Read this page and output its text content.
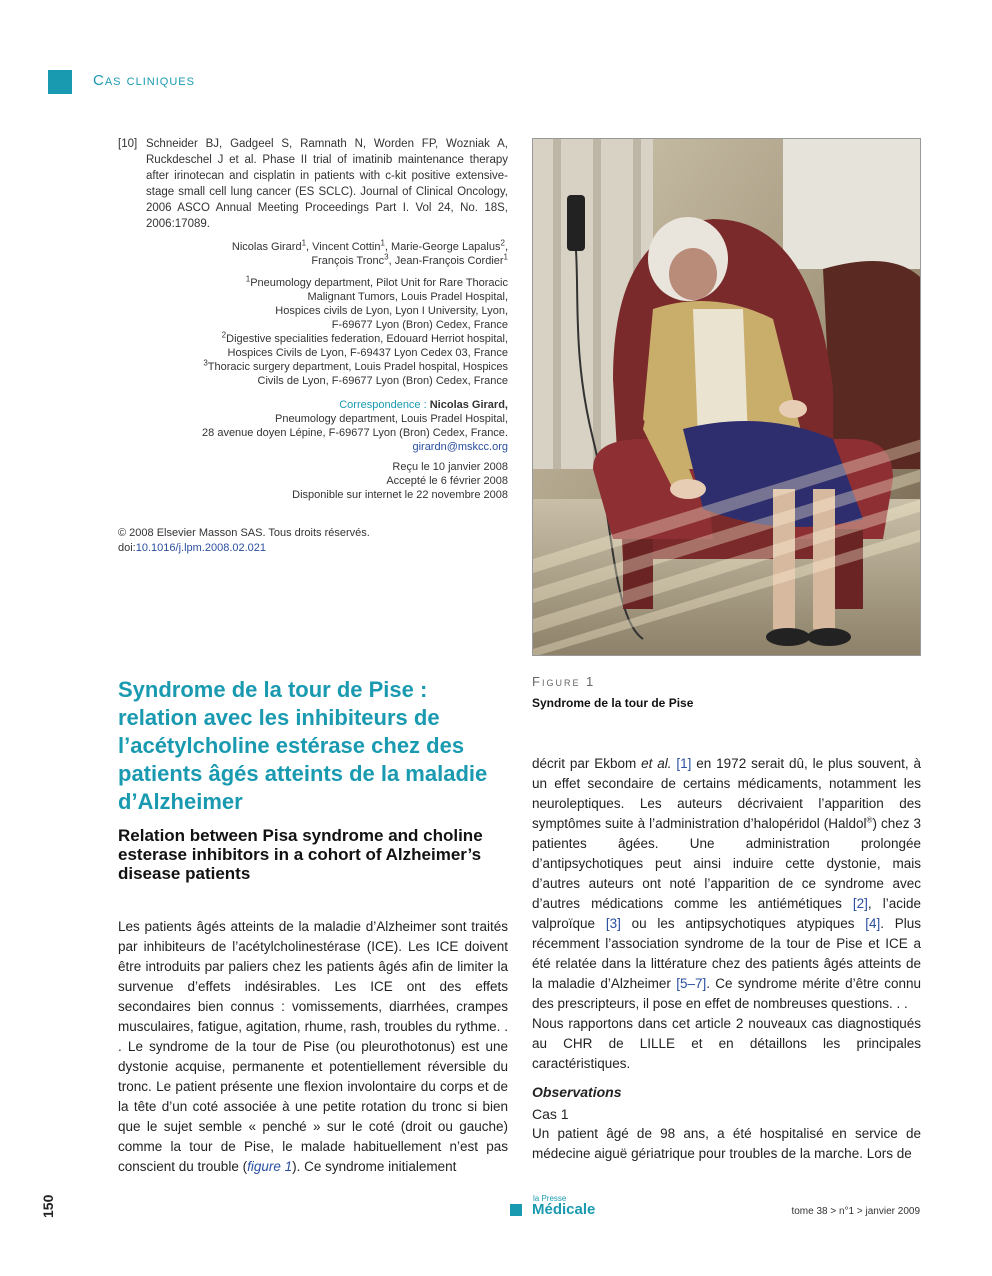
Cas cliniques
[10] Schneider BJ, Gadgeel S, Ramnath N, Worden FP, Wozniak A, Ruckdeschel J et al. Phase II trial of imatinib maintenance therapy after irinotecan and cisplatin in patients with c-kit positive extensive-stage small cell lung cancer (ES SCLC). Journal of Clinical Oncology, 2006 ASCO Annual Meeting Proceedings Part I. Vol 24, No. 18S, 2006:17089.
Nicolas Girard$^1$, Vincent Cottin$^1$, Marie-George Lapalus$^2$,
François Tronc$^3$, Jean-François Cordier$^1$
$^1$Pneumology department, Pilot Unit for Rare Thoracic
Malignant Tumors, Louis Pradel Hospital,
Hospices civils de Lyon, Lyon I University, Lyon,
F-69677 Lyon (Bron) Cedex, France
$^2$Digestive specialities federation, Edouard Herriot hospital,
Hospices Civils de Lyon, F-69437 Lyon Cedex 03, France
$^3$Thoracic surgery department, Louis Pradel hospital, Hospices
Civils de Lyon, F-69677 Lyon (Bron) Cedex, France
Correspondence : Nicolas Girard,
Pneumology department, Louis Pradel Hospital,
28 avenue doyen Lépine, F-69677 Lyon (Bron) Cedex, France.
girardn@mskcc.org
Reçu le 10 janvier 2008
Accepté le 6 février 2008
Disponible sur internet le 22 novembre 2008
© 2008 Elsevier Masson SAS. Tous droits réservés.
doi:10.1016/j.lpm.2008.02.021
Figure 1
Syndrome de la tour de Pise
Syndrome de la tour de Pise : relation avec les inhibiteurs de l’acétylcholine estérase chez des patients âgés atteints de la maladie d’Alzheimer
Relation between Pisa syndrome and choline esterase inhibitors in a cohort of Alzheimer’s disease patients

Les patients âgés atteints de la maladie d’Alzheimer sont traités par inhibiteurs de l’acétylcholinestérase (ICE). Les ICE doivent être introduits par paliers chez les patients âgés afin de limiter la survenue d’effets indésirables. Les ICE ont des effets secondaires bien connus : vomissements, diarrhées, crampes musculaires, fatigue, agitation, rhume, rash, troubles du rythme. . . Le syndrome de la tour de Pise (ou pleurothotonus) est une dystonie acquise, permanente et potentiellement réversible du tronc. Le patient présente une flexion involontaire du corps et de la tête d’un coté associée à une petite rotation du tronc si bien que le sujet semble « penché » sur le coté (droit ou gauche) comme la tour de Pise, le malade habituellement n’est pas conscient du trouble (figure 1). Ce syndrome initialement

décrit par Ekbom et al. [1] en 1972 serait dû, le plus souvent, à un effet secondaire de certains médicaments, notamment les neuroleptiques. Les auteurs décrivaient l’apparition des symptômes suite à l’administration d’halopéridol (Haldol®) chez 3 patientes âgées. Une administration prolongée d’antipsychotiques peut ainsi induire cette dystonie, mais d’autres auteurs ont noté l’apparition de ce syndrome avec d’autres médications comme les antiémétiques [2], l’acide valproïque [3] ou les antipsychotiques atypiques [4]. Plus récemment l’association syndrome de la tour de Pise et ICE a été relatée dans la littérature chez des patients âgés atteints de la maladie d’Alzheimer [5–7]. Ce syndrome mérite d’être connu des prescripteurs, il pose en effet de nombreuses questions. . .

Nous rapportons dans cet article 2 nouveaux cas diagnostiqués au CHR de LILLE et en détaillons les principales caractéristiques.

Observations
Cas 1

Un patient âgé de 98 ans, a été hospitalisé en service de médecine aiguë gériatrique pour troubles de la marche. Lors de

150	la Presse
Médicale	tome 38 > n°1 > janvier 2009
